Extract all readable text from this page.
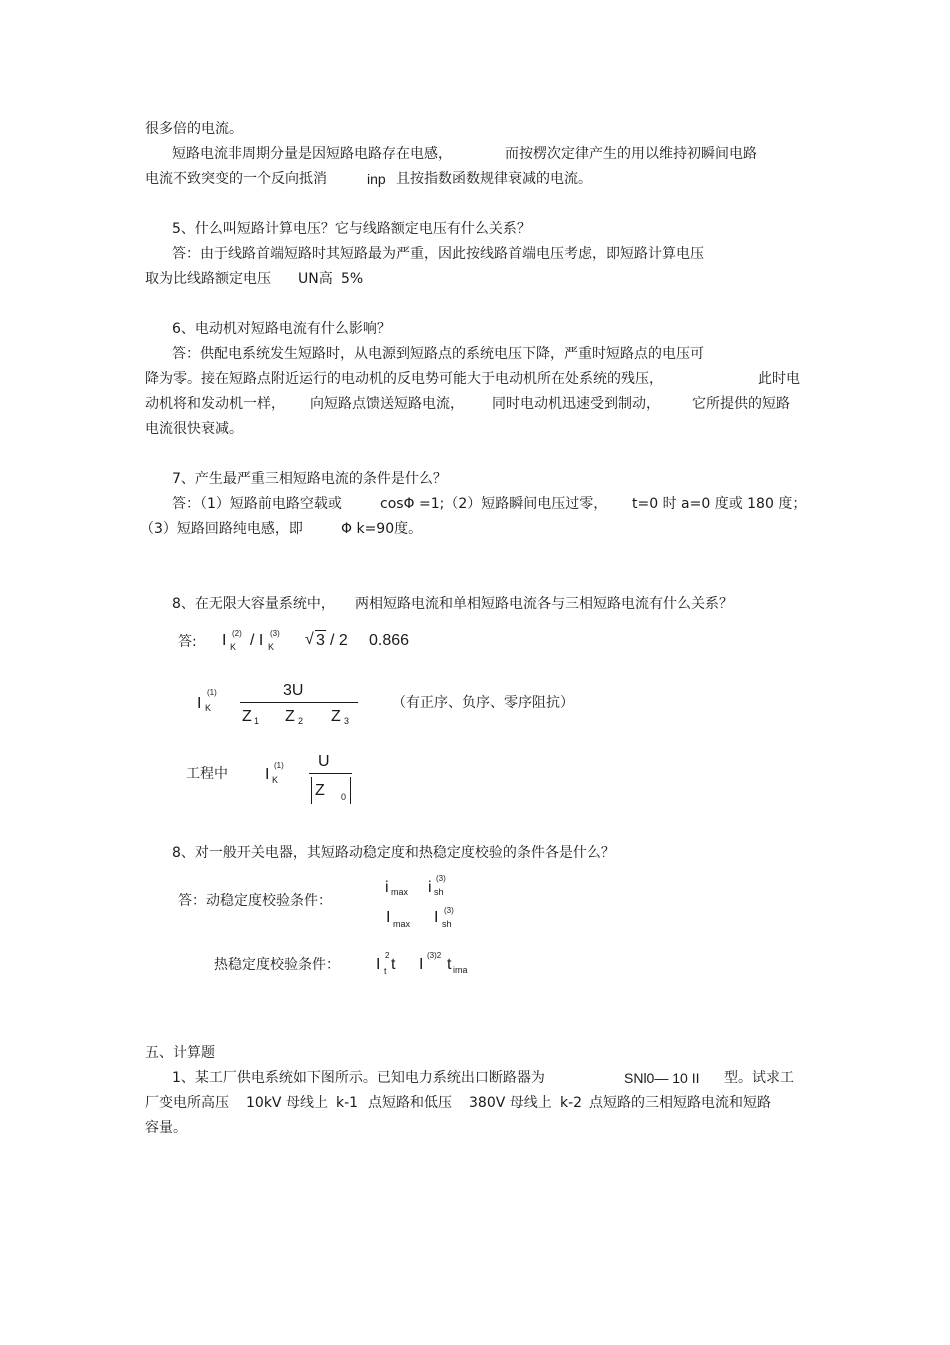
很多倍的电流。
短路电流非周期分量是因短路电路存在电感，	而按楞次定律产生的用以维持初瞬间电路
电流不致突变的一个反向抵消	inp 且按指数函数规律衰减的电流。
5、什么叫短路计算电压？它与线路额定电压有什么关系？
答：由于线路首端短路时其短路最为严重，因此按线路首端电压考虑，即短路计算电压
取为比线路额定电压 UN高 5%
6、电动机对短路电流有什么影响？
答：供配电系统发生短路时，从电源到短路点的系统电压下降，严重时短路点的电压可
降为零。接在短路点附近运行的电动机的反电势可能大于电动机所在处系统的残压，	此时电
动机将和发动机一样， 向短路点馈送短路电流， 同时电动机迅速受到制动， 它所提供的短路
电流很快衰减。
7、产生最严重三相短路电流的条件是什么？
答：（1）短路前电路空载或	cosΦ =1;（2）短路瞬间电压过零， t=0 时 a=0 度或 180 度；
（3）短路回路纯电感，即	Φ k=90度。
8、在无限大容量系统中， 两相短路电流和单相短路电流各与三相短路电流有什么关系？
答: I K
(2) / I K
(3) √ 3 / 2 0.866
I K
(1)	3U
Z 1 Z 2 Z 3
（有正序、负序、零序阻抗）
工程中 I K
(1) U
Z 0
8、对一般开关电器，其短路动稳定度和热稳定度校验的条件各是什么？
答：动稳定度校验条件：
i max i sh
(3)
I max I sh
(3)
热稳定度校验条件： I
2
t t I
(3)2
t ima
五、计算题
1、某工厂供电系统如下图所示。已知电力系统出口断路器为	SNl0— 10 II 型。试求工
厂变电所高压 10kV 母线上 k-1 点短路和低压 380V 母线上 k-2 点短路的三相短路电流和短路
容量。
